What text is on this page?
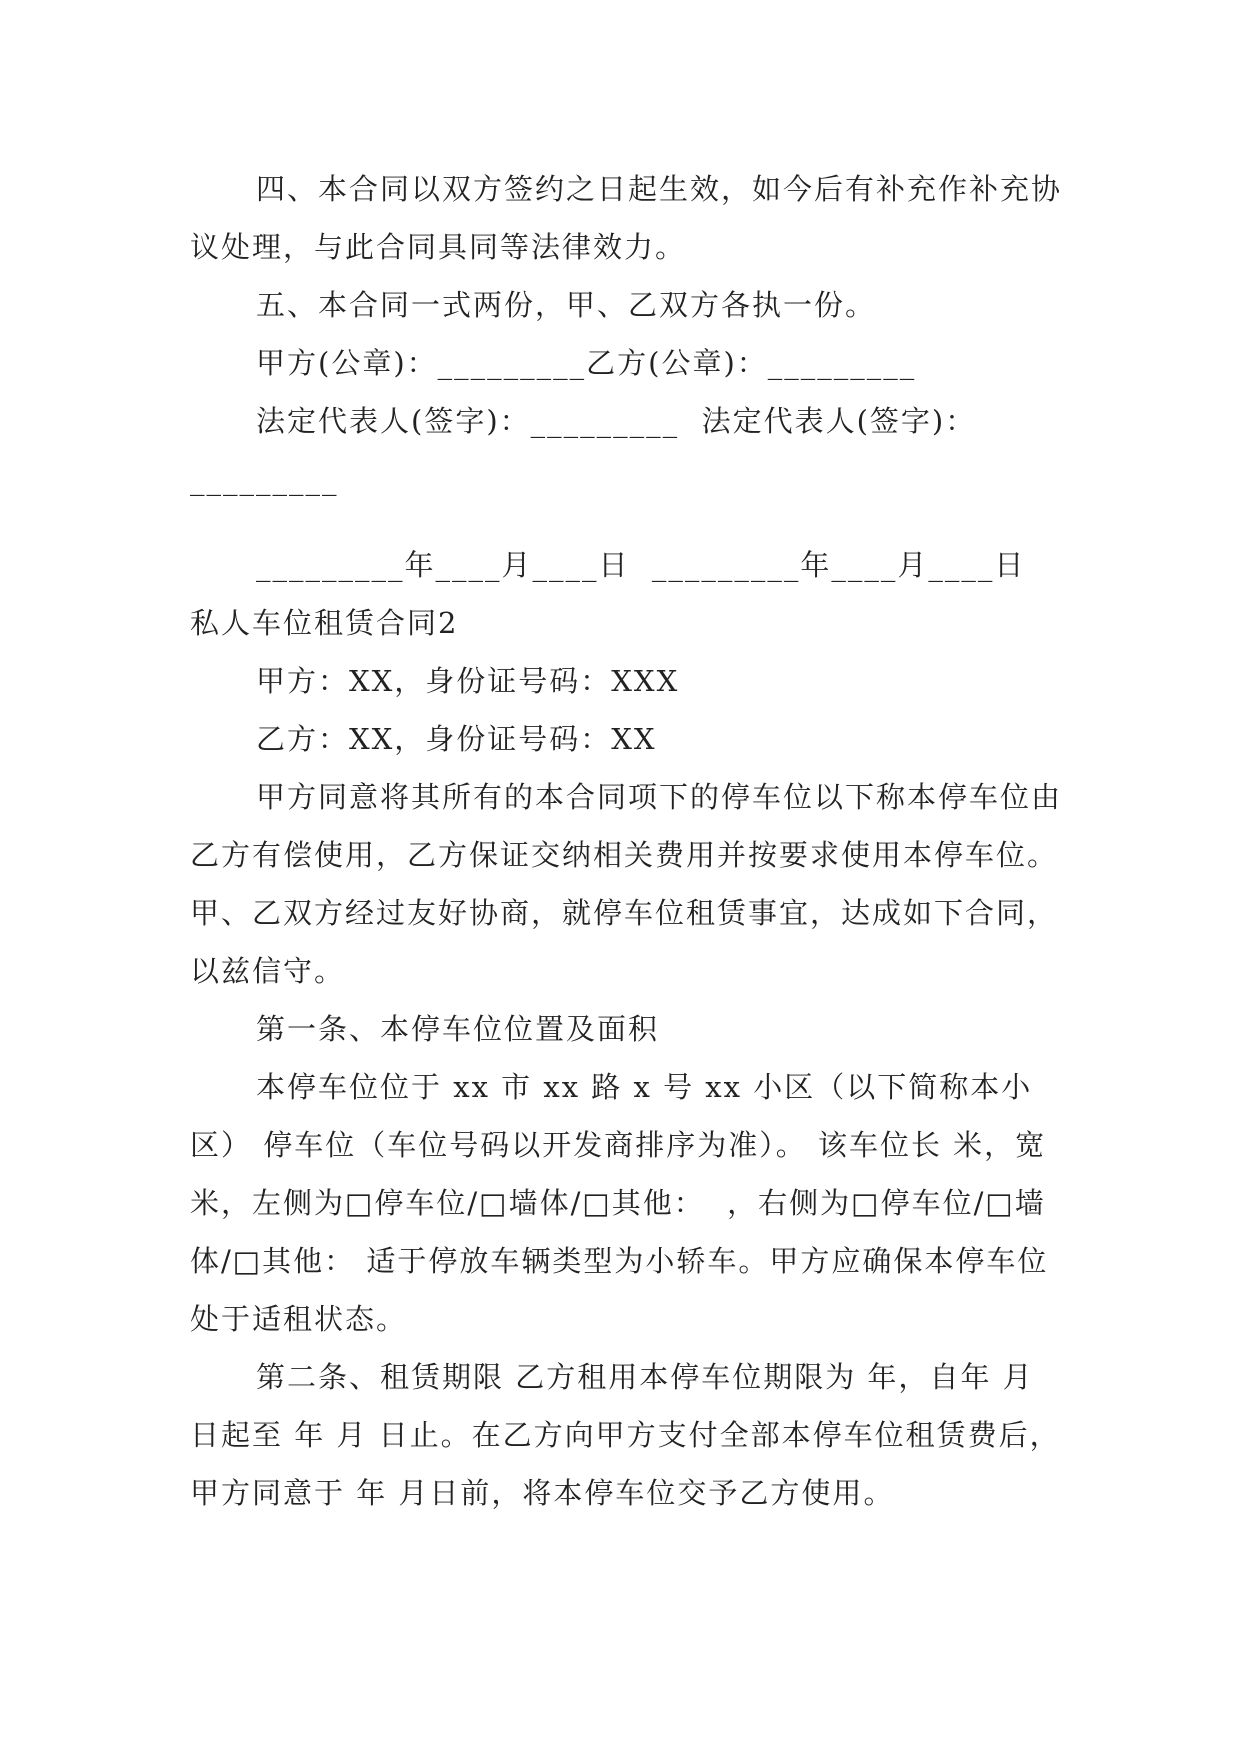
四、本合同以双方签约之日起生效，如今后有补充作补充协议处理，与此合同具同等法律效力。

五、本合同一式两份，甲、乙双方各执一份。

甲方(公章)：_________乙方(公章)：_________

法定代表人(签字)：_________  法定代表人(签字)：

_________

_________年____月____日  _________年____月____日

私人车位租赁合同2

甲方：XX，身份证号码：XXX

乙方：XX，身份证号码：XX

甲方同意将其所有的本合同项下的停车位以下称本停车位由乙方有偿使用，乙方保证交纳相关费用并按要求使用本停车位。甲、乙双方经过友好协商，就停车位租赁事宜，达成如下合同，以兹信守。

第一条、本停车位位置及面积

本停车位位于 xx 市 xx 路 x 号 xx 小区（以下简称本小区） 停车位（车位号码以开发商排序为准）。 该车位长 米，宽 米，左侧为□停车位/□墙体/□其他：  ，右侧为□停车位/□墙体/□其他： 适于停放车辆类型为小轿车。甲方应确保本停车位处于适租状态。

第二条、租赁期限 乙方租用本停车位期限为 年，自年 月 日起至 年 月 日止。在乙方向甲方支付全部本停车位租赁费后，甲方同意于 年 月日前，将本停车位交予乙方使用。
